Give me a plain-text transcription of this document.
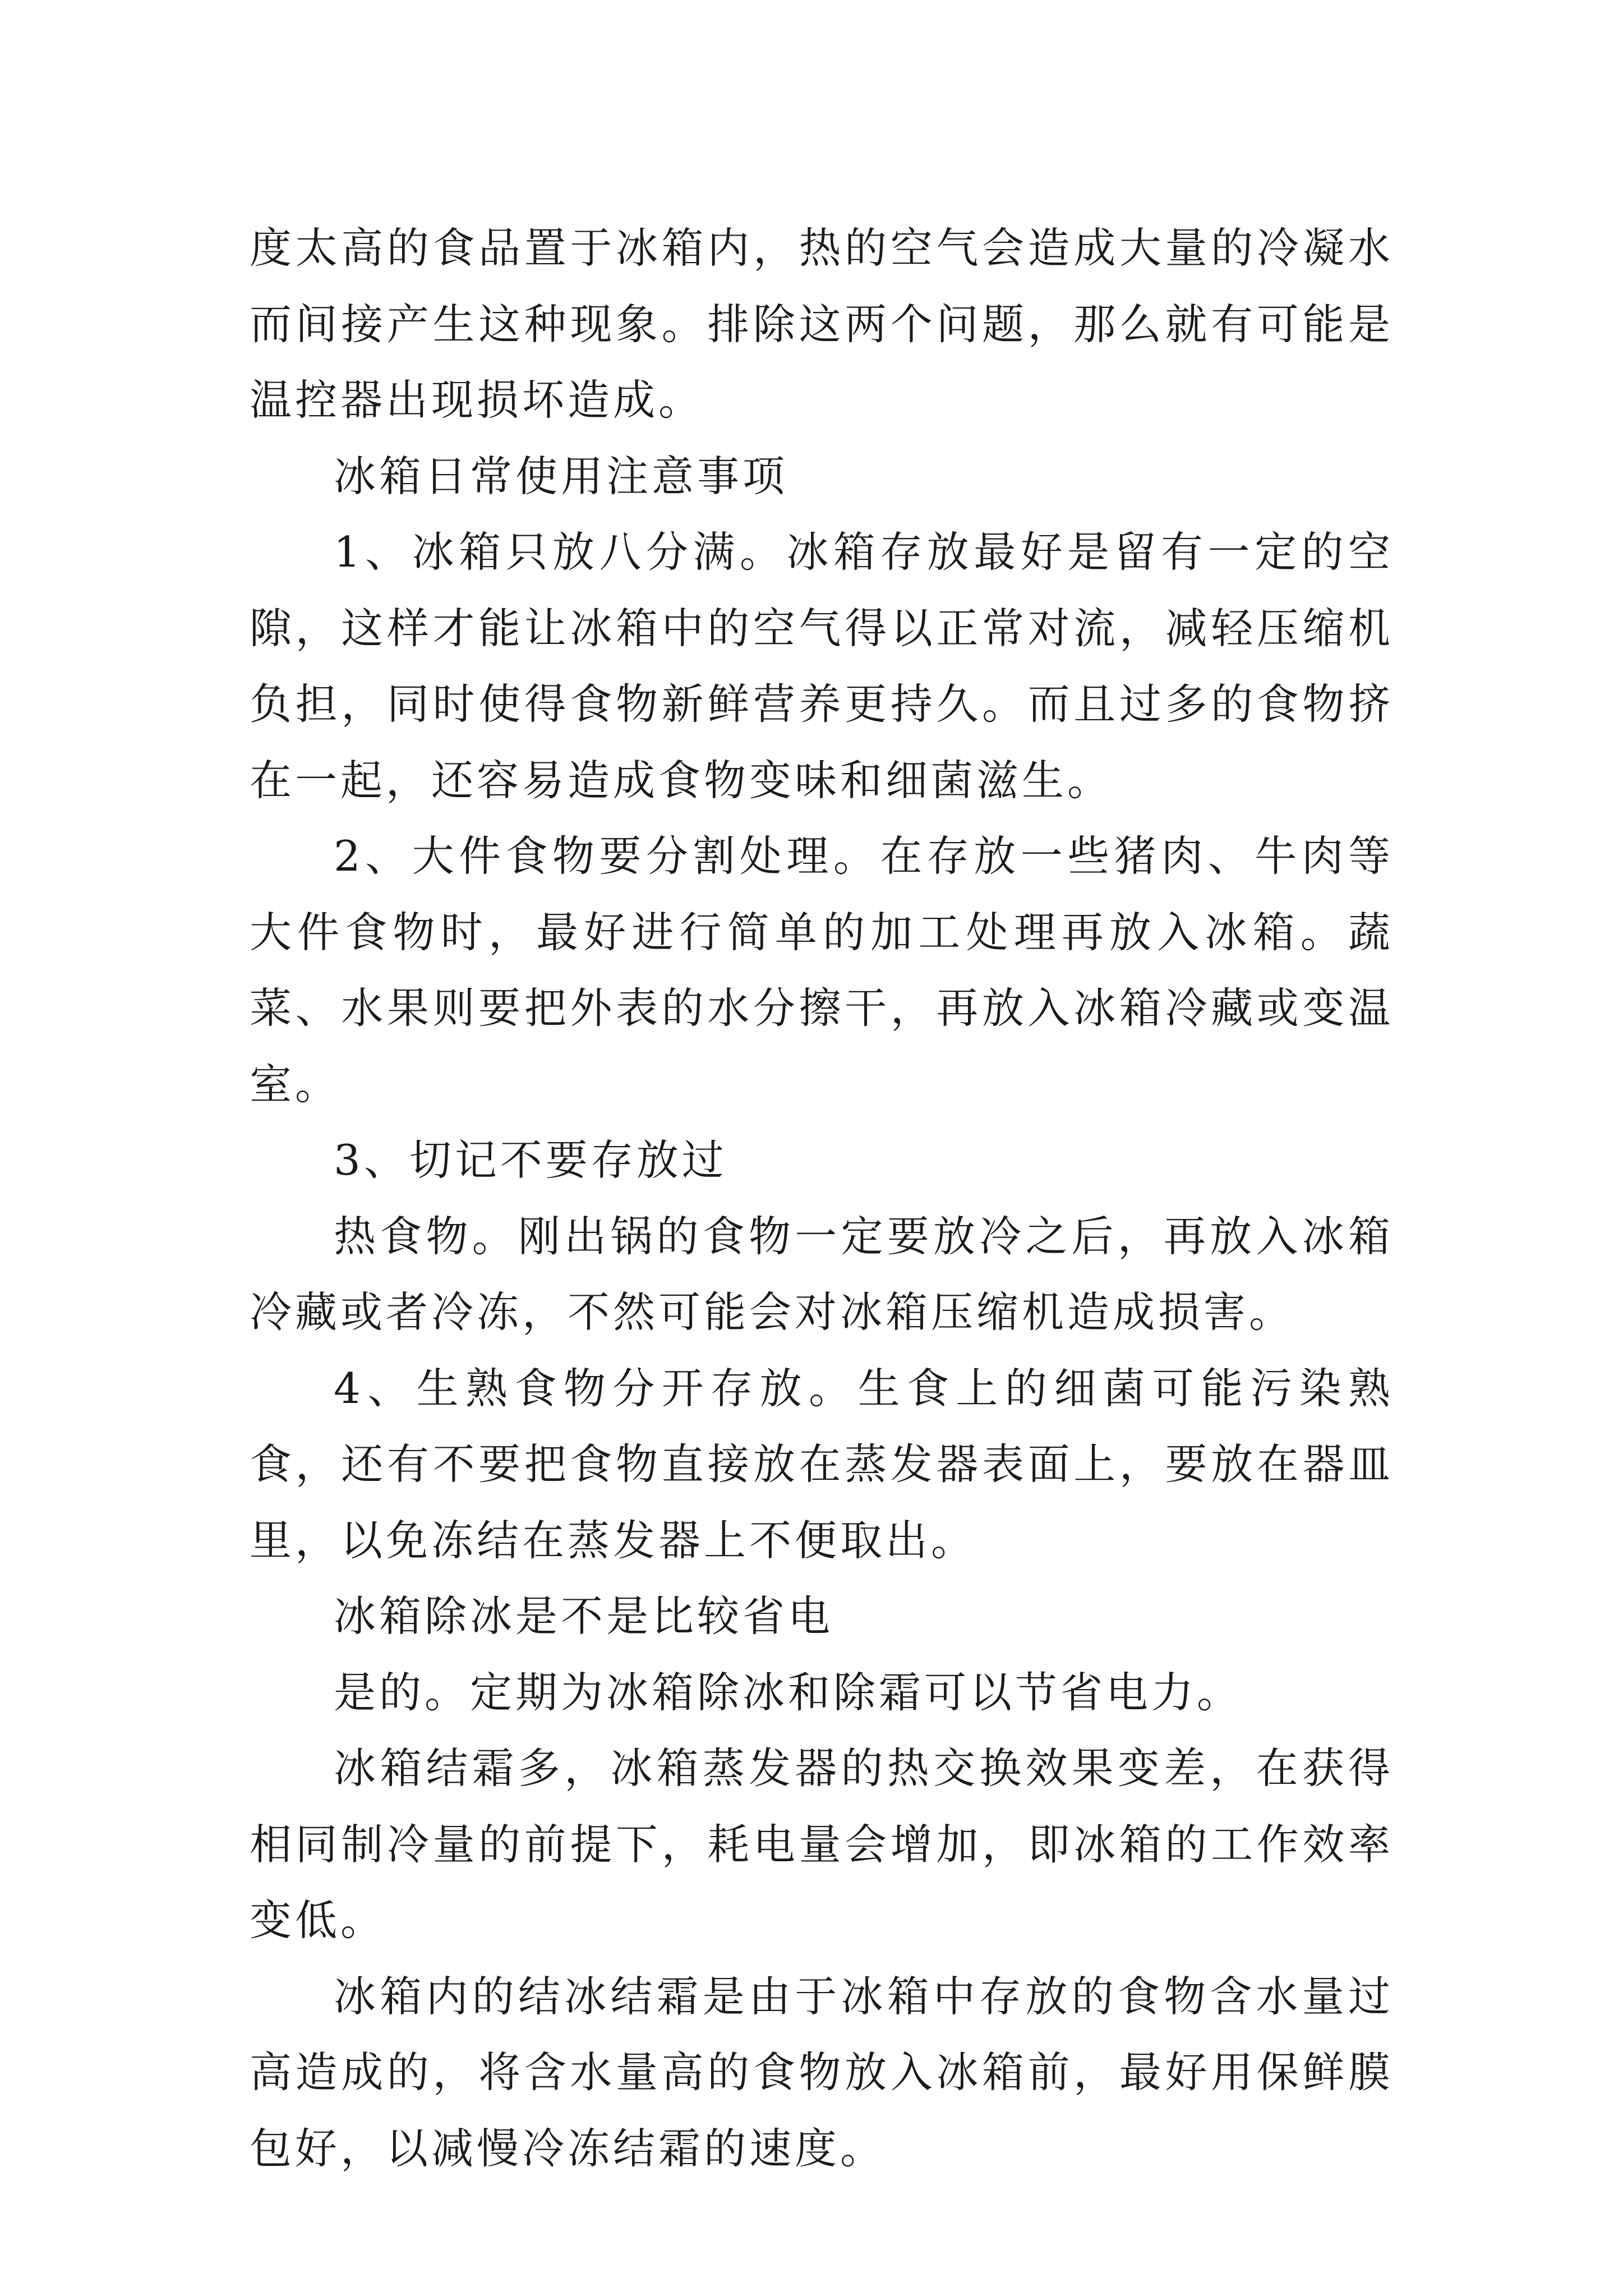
度太高的食品置于冰箱内，热的空气会造成大量的冷凝水而间接产生这种现象。排除这两个问题，那么就有可能是温控器出现损坏造成。

冰箱日常使用注意事项

1、冰箱只放八分满。冰箱存放最好是留有一定的空隙，这样才能让冰箱中的空气得以正常对流，减轻压缩机负担，同时使得食物新鲜营养更持久。而且过多的食物挤在一起，还容易造成食物变味和细菌滋生。

2、大件食物要分割处理。在存放一些猪肉、牛肉等大件食物时，最好进行简单的加工处理再放入冰箱。蔬菜、水果则要把外表的水分擦干，再放入冰箱冷藏或变温室。

3、切记不要存放过

热食物。刚出锅的食物一定要放冷之后，再放入冰箱冷藏或者冷冻，不然可能会对冰箱压缩机造成损害。

4、生熟食物分开存放。生食上的细菌可能污染熟食，还有不要把食物直接放在蒸发器表面上，要放在器皿里，以免冻结在蒸发器上不便取出。

冰箱除冰是不是比较省电

是的。定期为冰箱除冰和除霜可以节省电力。

冰箱结霜多，冰箱蒸发器的热交换效果变差，在获得相同制冷量的前提下，耗电量会增加，即冰箱的工作效率变低。

冰箱内的结冰结霜是由于冰箱中存放的食物含水量过高造成的，将含水量高的食物放入冰箱前，最好用保鲜膜包好，以减慢冷冻结霜的速度。
